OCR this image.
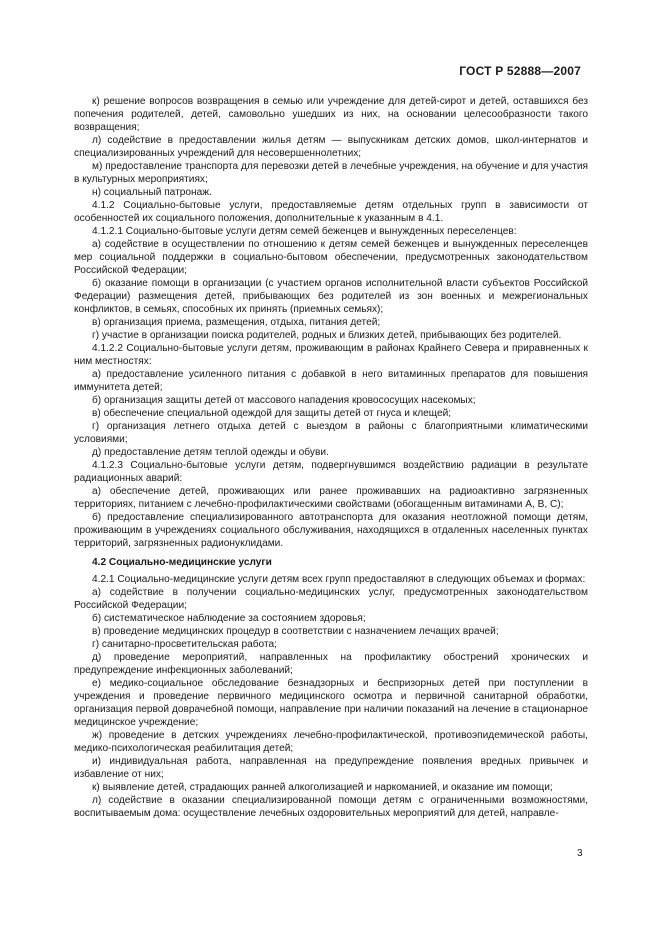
ГОСТ Р 52888—2007

к) решение вопросов возвращения в семью или учреждение для детей-сирот и детей, оставшихся без попечения родителей, детей, самовольно ушедших из них, на основании целесообразности такого возвращения;

л) содействие в предоставлении жилья детям — выпускникам детских домов, школ-интернатов и специализированных учреждений для несовершеннолетних;

м) предоставление транспорта для перевозки детей в лечебные учреждения, на обучение и для участия в культурных мероприятиях;

н) социальный патронаж.

4.1.2 Социально-бытовые услуги, предоставляемые детям отдельных групп в зависимости от особенностей их социального положения, дополнительные к указанным в 4.1.

4.1.2.1 Социально-бытовые услуги детям семей беженцев и вынужденных переселенцев:

а) содействие в осуществлении по отношению к детям семей беженцев и вынужденных переселенцев мер социальной поддержки в социально-бытовом обеспечении, предусмотренных законодательством Российской Федерации;

б) оказание помощи в организации (с участием органов исполнительной власти субъектов Российской Федерации) размещения детей, прибывающих без родителей из зон военных и межрегиональных конфликтов, в семьях, способных их принять (приемных семьях);

в) организация приема, размещения, отдыха, питания детей;

г) участие в организации поиска родителей, родных и близких детей, прибывающих без родителей.

4.1.2.2 Социально-бытовые услуги детям, проживающим в районах Крайнего Севера и приравненных к ним местностях:

а) предоставление усиленного питания с добавкой в него витаминных препаратов для повышения иммунитета детей;

б) организация защиты детей от массового нападения кровососущих насекомых;

в) обеспечение специальной одеждой для защиты детей от гнуса и клещей;

г) организация летнего отдыха детей с выездом в районы с благоприятными климатическими условиями;

д) предоставление детям теплой одежды и обуви.

4.1.2.3 Социально-бытовые услуги детям, подвергнувшимся воздействию радиации в результате радиационных аварий:

а) обеспечение детей, проживающих или ранее проживавших на радиоактивно загрязненных территориях, питанием с лечебно-профилактическими свойствами (обогащенным витаминами А, В, С);

б) предоставление специализированного автотранспорта для оказания неотложной помощи детям, проживающим в учреждениях социального обслуживания, находящихся в отдаленных населенных пунктах территорий, загрязненных радионуклидами.

4.2 Социально-медицинские услуги

4.2.1 Социально-медицинские услуги детям всех групп предоставляют в следующих объемах и формах:

а) содействие в получении социально-медицинских услуг, предусмотренных законодательством Российской Федерации;

б) систематическое наблюдение за состоянием здоровья;

в) проведение медицинских процедур в соответствии с назначением лечащих врачей;

г) санитарно-просветительская работа;

д) проведение мероприятий, направленных на профилактику обострений хронических и предупреждение инфекционных заболеваний;

е) медико-социальное обследование безнадзорных и беспризорных детей при поступлении в учреждения и проведение первичного медицинского осмотра и первичной санитарной обработки, организация первой доврачебной помощи, направление при наличии показаний на лечение в стационарное медицинское учреждение;

ж) проведение в детских учреждениях лечебно-профилактической, противоэпидемической работы, медико-психологическая реабилитация детей;

и) индивидуальная работа, направленная на предупреждение появления вредных привычек и избавление от них;

к) выявление детей, страдающих ранней алкоголизацией и наркоманией, и оказание им помощи;

л) содействие в оказании специализированной помощи детям с ограниченными возможностями, воспитываемым дома: осуществление лечебных оздоровительных мероприятий для детей, направле-

3
